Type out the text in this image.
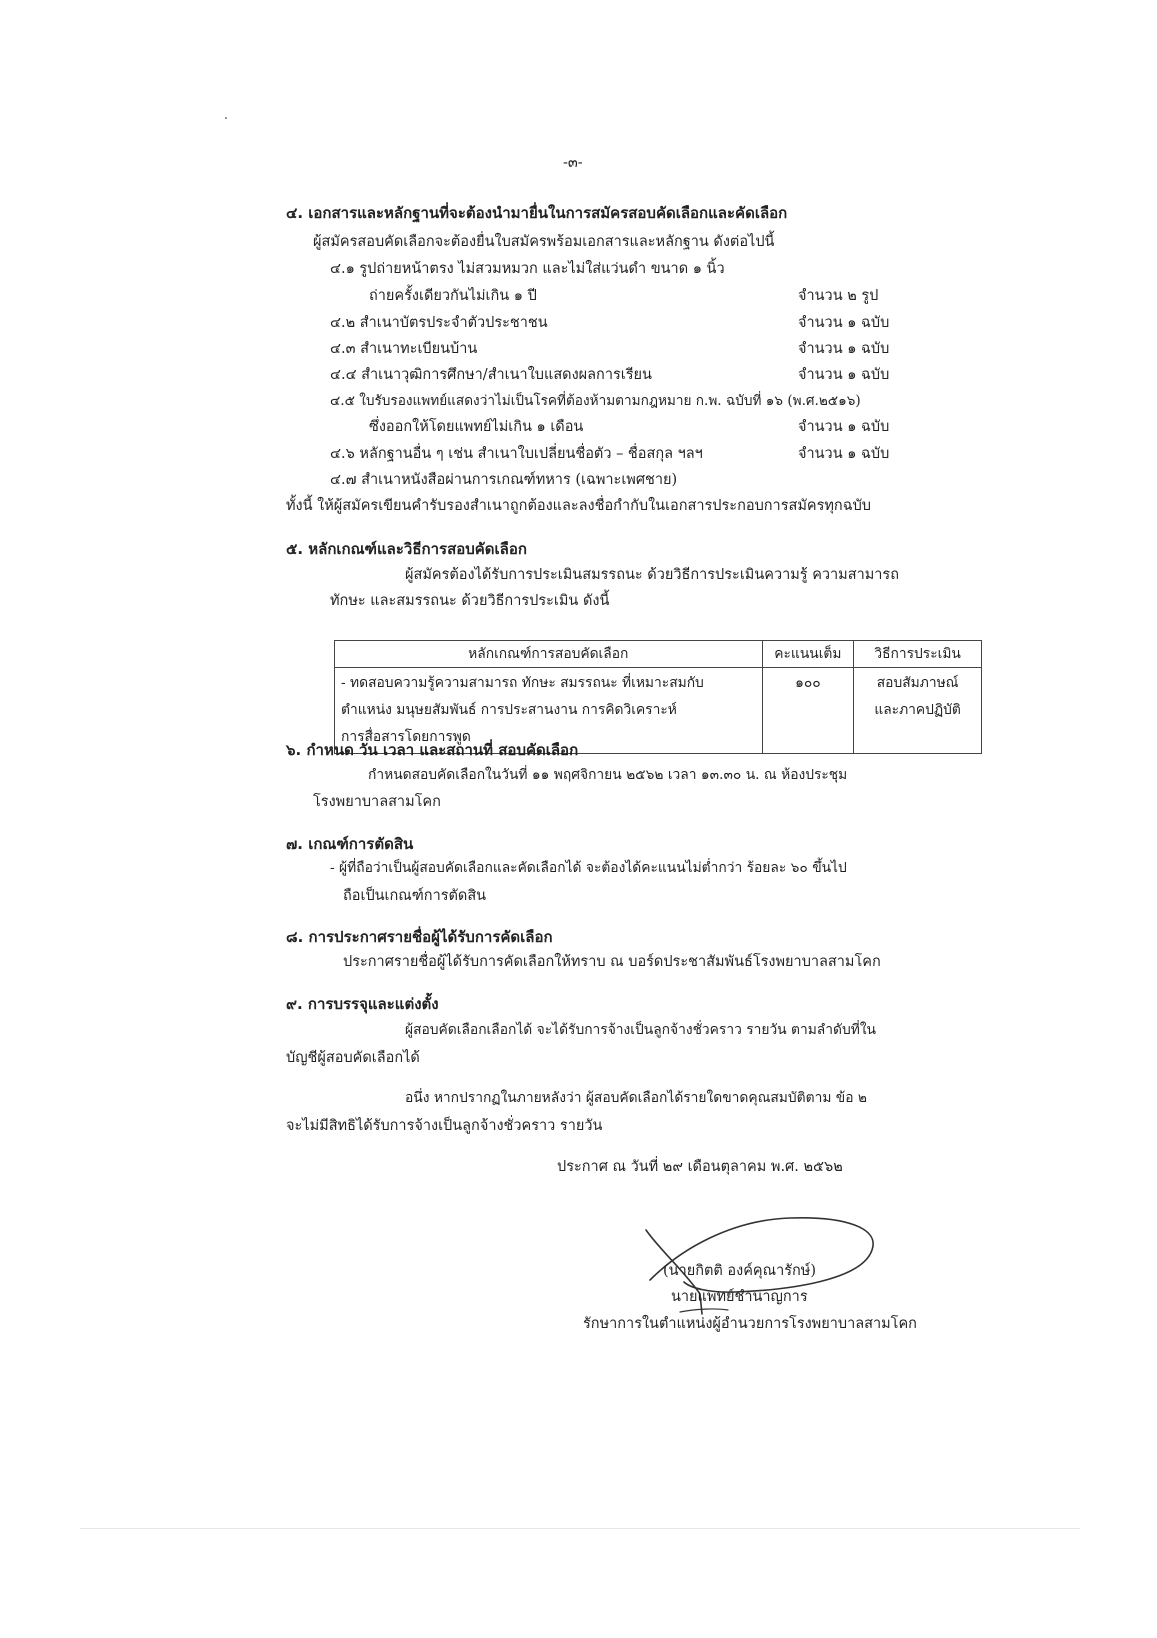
-๓-
๔. เอกสารและหลักฐานที่จะต้องนำมายื่นในการสมัครสอบคัดเลือกและคัดเลือก
ผู้สมัครสอบคัดเลือกจะต้องยื่นใบสมัครพร้อมเอกสารและหลักฐาน ดังต่อไปนี้
๔.๑ รูปถ่ายหน้าตรง ไม่สวมหมวก และไม่ใส่แว่นดำ ขนาด ๑ นิ้ว
ถ่ายครั้งเดียวกันไม่เกิน ๑ ปี	จำนวน ๒ รูป
๔.๒ สำเนาบัตรประจำตัวประชาชน	จำนวน ๑ ฉบับ
๔.๓ สำเนาทะเบียนบ้าน	จำนวน ๑ ฉบับ
๔.๔ สำเนาวุฒิการศึกษา/สำเนาใบแสดงผลการเรียน	จำนวน ๑ ฉบับ
๔.๕ ใบรับรองแพทย์แสดงว่าไม่เป็นโรคที่ต้องห้ามตามกฎหมาย ก.พ. ฉบับที่ ๑๖ (พ.ศ.๒๕๑๖)
ซึ่งออกให้โดยแพทย์ไม่เกิน ๑ เดือน	จำนวน ๑ ฉบับ
๔.๖ หลักฐานอื่น ๆ เช่น สำเนาใบเปลี่ยนชื่อตัว – ชื่อสกุล ฯลฯ	จำนวน ๑ ฉบับ
๔.๗ สำเนาหนังสือผ่านการเกณฑ์ทหาร (เฉพาะเพศชาย)
ทั้งนี้ ให้ผู้สมัครเขียนคำรับรองสำเนาถูกต้องและลงชื่อกำกับในเอกสารประกอบการสมัครทุกฉบับ
๕. หลักเกณฑ์และวิธีการสอบคัดเลือก
ผู้สมัครต้องได้รับการประเมินสมรรถนะ ด้วยวิธีการประเมินความรู้ ความสามารถ
ทักษะ และสมรรถนะ ด้วยวิธีการประเมิน ดังนี้
หลักเกณฑ์การสอบคัดเลือก	คะแนนเต็ม	วิธีการประเมิน

- ทดสอบความรู้ความสามารถ ทักษะ สมรรถนะ ที่เหมาะสมกับ
ตำแหน่ง มนุษยสัมพันธ์ การประสานงาน การคิดวิเคราะห์
การสื่อสารโดยการพูด	๑๐๐	สอบสัมภาษณ์
และภาคปฏิบัติ
๖. กำหนด วัน เวลา และสถานที่ สอบคัดเลือก
กำหนดสอบคัดเลือกในวันที่ ๑๑ พฤศจิกายน ๒๕๖๒ เวลา ๑๓.๓๐ น. ณ ห้องประชุม
โรงพยาบาลสามโคก
๗. เกณฑ์การตัดสิน
- ผู้ที่ถือว่าเป็นผู้สอบคัดเลือกและคัดเลือกได้ จะต้องได้คะแนนไม่ต่ำกว่า ร้อยละ ๖๐ ขึ้นไป
ถือเป็นเกณฑ์การตัดสิน
๘. การประกาศรายชื่อผู้ได้รับการคัดเลือก
ประกาศรายชื่อผู้ได้รับการคัดเลือกให้ทราบ ณ บอร์ดประชาสัมพันธ์โรงพยาบาลสามโคก
๙. การบรรจุและแต่งตั้ง
ผู้สอบคัดเลือกเลือกได้ จะได้รับการจ้างเป็นลูกจ้างชั่วคราว รายวัน ตามลำดับที่ใน
บัญชีผู้สอบคัดเลือกได้
อนึ่ง หากปรากฏในภายหลังว่า ผู้สอบคัดเลือกได้รายใดขาดคุณสมบัติตาม ข้อ ๒
จะไม่มีสิทธิได้รับการจ้างเป็นลูกจ้างชั่วคราว รายวัน
ประกาศ ณ วันที่ ๒๙ เดือนตุลาคม พ.ศ. ๒๕๖๒
(นายกิตติ องค์คุณารักษ์)
นายแพทย์ชำนาญการ
รักษาการในตำแหน่งผู้อำนวยการโรงพยาบาลสามโคก
